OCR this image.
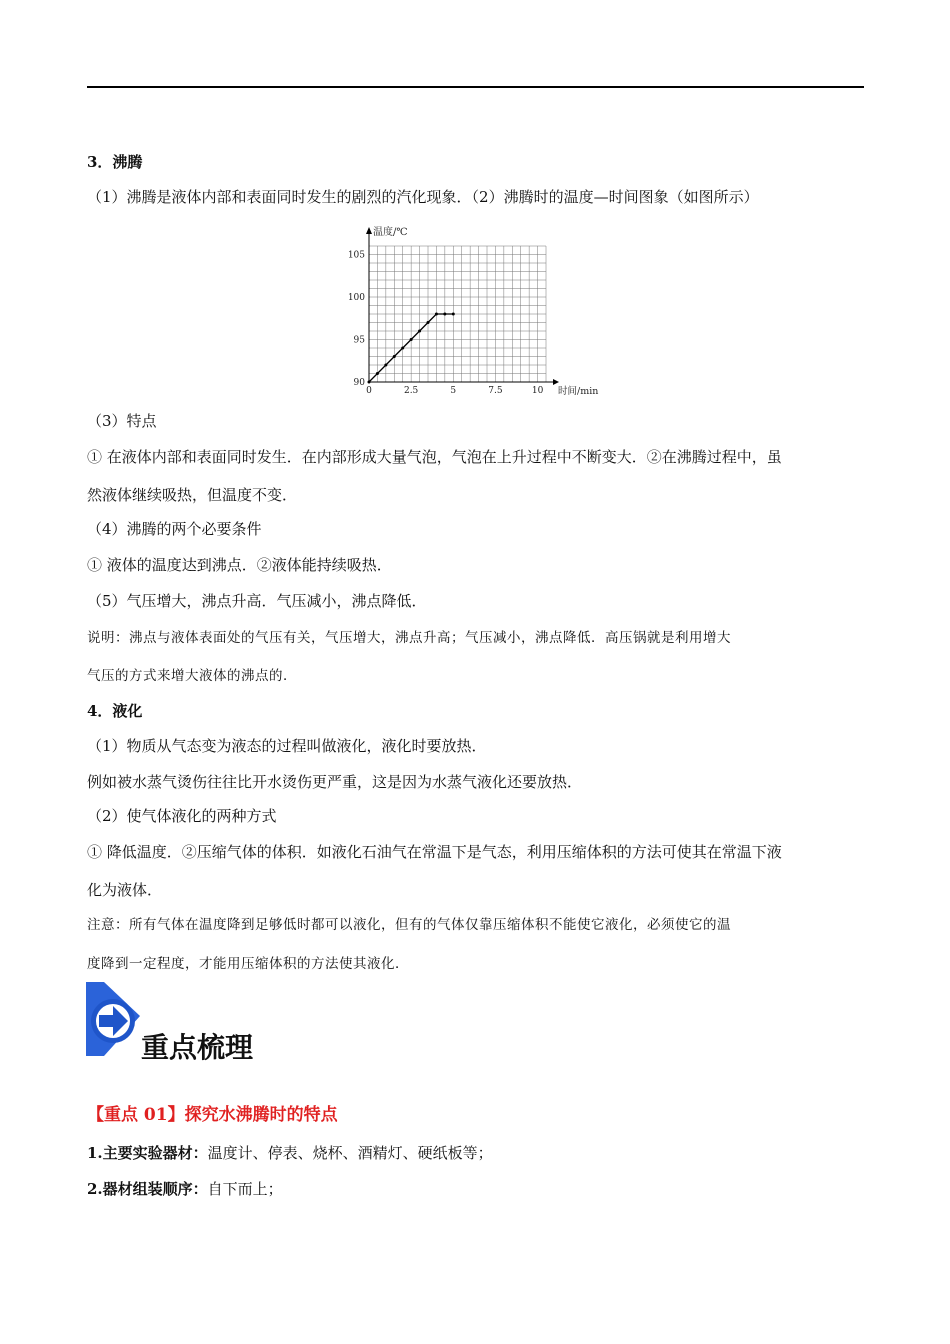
3．沸腾
（1）沸腾是液体内部和表面同时发生的剧烈的汽化现象．（2）沸腾时的温度—时间图象（如图所示）
0	2.5	5	7.5	10
90
95
100
105
温度/℃
时间/min
（3）特点
① 在液体内部和表面同时发生．在内部形成大量气泡，气泡在上升过程中不断变大．②在沸腾过程中，虽
然液体继续吸热，但温度不变．
（4）沸腾的两个必要条件
① 液体的温度达到沸点．②液体能持续吸热．
（5）气压增大，沸点升高．气压减小，沸点降低．
说明：沸点与液体表面处的气压有关，气压增大，沸点升高；气压减小，沸点降低．高压锅就是利用增大
气压的方式来增大液体的沸点的．
4．液化
（1）物质从气态变为液态的过程叫做液化，液化时要放热．
例如被水蒸气烫伤往往比开水烫伤更严重，这是因为水蒸气液化还要放热．
（2）使气体液化的两种方式
① 降低温度．②压缩气体的体积．如液化石油气在常温下是气态，利用压缩体积的方法可使其在常温下液
化为液体．
注意：所有气体在温度降到足够低时都可以液化，但有的气体仅靠压缩体积不能使它液化，必须使它的温
度降到一定程度，才能用压缩体积的方法使其液化．
重点梳理
【重点 01】探究水沸腾时的特点
1.主要实验器材：温度计、停表、烧杯、酒精灯、硬纸板等；
2.器材组装顺序：自下而上；
